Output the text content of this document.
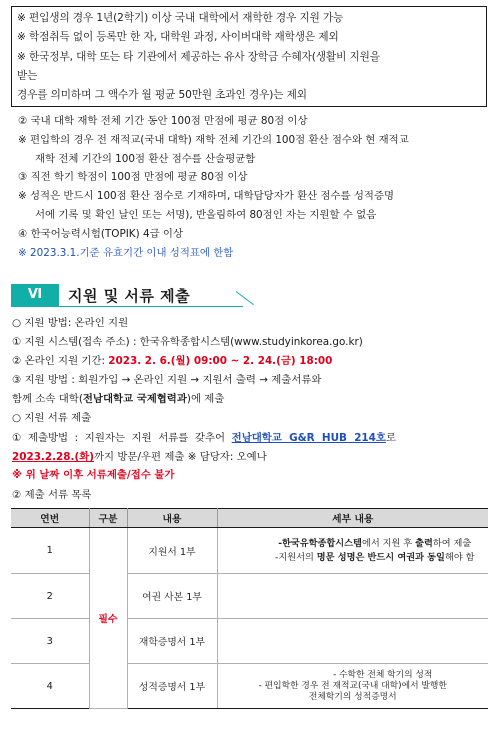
※ 편입생의 경우 1년(2학기) 이상 국내 대학에서 재학한 경우 지원 가능
※ 학점취득 없이 등록만 한 자, 대학원 과정, 사이버대학 재학생은 제외
※ 한국정부, 대학 또는 타 기관에서 제공하는 유사 장학금 수혜자(생활비 지원을
받는
경우를 의미하며 그 액수가 월 평균 50만원 초과인 경우)는 제외
② 국내 대학 재학 전체 기간 동안 100점 만점에 평균 80점 이상
※ 편입학의 경우 전 재적교(국내 대학) 재학 전체 기간의 100점 환산 점수와 현 재적교
재학 전체 기간의 100점 환산 점수를 산술평균함
③ 직전 학기 학점이 100점 만점에 평균 80점 이상
※ 성적은 반드시 100점 환산 점수로 기재하며, 대학담당자가 환산 점수를 성적증명
서에 기록 및 확인 날인 또는 서명), 반올림하여 80점인 자는 지원할 수 없음
④ 한국어능력시험(TOPIK) 4급 이상
※ 2023.3.1.기준 유효기간 이내 성적표에 한함
Ⅵ	지원 및 서류 제출
○ 지원 방법: 온라인 지원
① 지원 시스템(접속 주소) : 한국유학종합시스템(www.studyinkorea.go.kr)
② 온라인 지원 기간: 2023. 2. 6.(월) 09:00 ~ 2. 24.(금) 18:00
③ 지원 방법 : 회원가입 → 온라인 지원 → 지원서 출력 → 제출서류와
함께 소속 대학(전남대학교 국제협력과)에 제출
○ 지원 서류 제출
①  제출방법  :  지원자는  지원  서류를  갖추어  전남대학교  G&R  HUB  214호로
2023.2.28.(화)까지 방문/우편 제출 ※ 담당자: 오예나
※ 위 날짜 이후 서류제출/접수 불가
② 제출 서류 목록
연번	구분	내용	세부 내용
1	필수	지원서 1부	-한국유학종합시스템에서 지원 후 출력하여 제출
-지원서의 명문 성명은 반드시 여권과 동일해야 함

2		여권 사본 1부	
3		재학증명서 1부	
4		성적증명서 1부	- 수학한 전체 학기의 성적
- 편입학한 경우 전 재적교(국내 대학)에서 발행한
전체학기의 성적증명서
